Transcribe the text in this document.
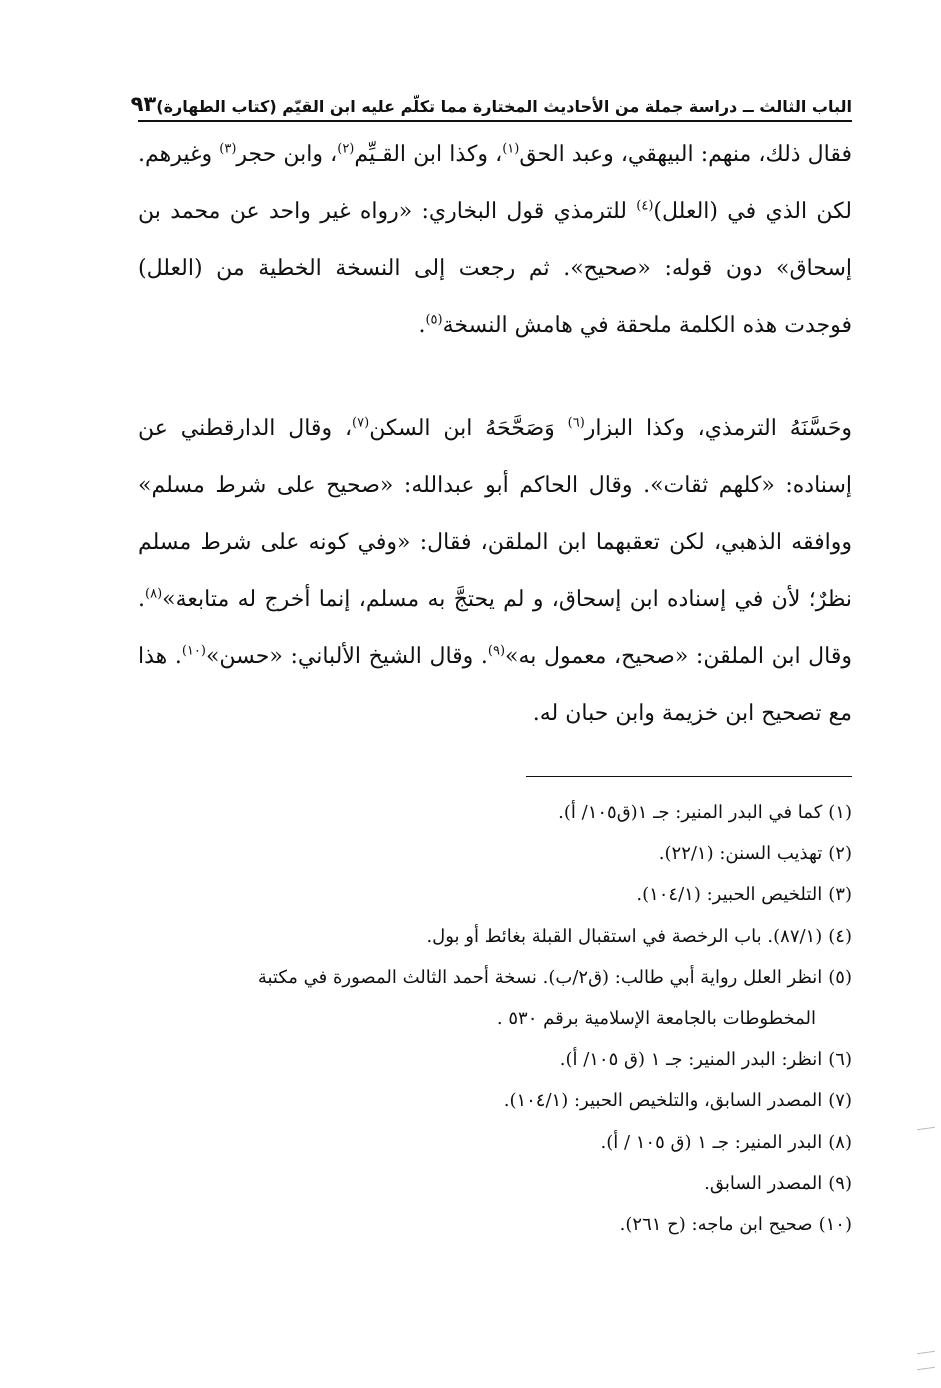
الباب الثالث ــ دراسة جملة من الأحاديث المختارة مما تكلّم عليه ابن القيّم (كتاب الطهارة)
٩٣

فقال ذلك، منهم: البيهقي، وعبد الحق$^{(١)}$، وكذا ابن القـيِّم$^{(٢)}$، وابن حجر$^{(٣)}$ وغيرهم. لكن الذي في (العلل)$^{(٤)}$ للترمذي قول البخاري: «رواه غير واحد عن محمد بن إسحاق» دون قوله: «صحيح». ثم رجعت إلى النسخة الخطية من (العلل) فوجدت هذه الكلمة ملحقة في هامش النسخة$^{(٥)}$.

وحَسَّنَهُ الترمذي، وكذا البزار$^{(٦)}$ وَصَحَّحَهُ ابن السكن$^{(٧)}$، وقال الدارقطني عن إسناده: «كلهم ثقات». وقال الحاكم أبو عبدالله: «صحيح على شرط مسلم» ووافقه الذهبي، لكن تعقبهما ابن الملقن، فقال: «وفي كونه على شرط مسلم نظرٌ؛ لأن في إسناده ابن إسحاق، و لم يحتجَّ به مسلم، إنما أخرج له متابعة»$^{(٨)}$. وقال ابن الملقن: «صحيح، معمول به»$^{(٩)}$. وقال الشيخ الألباني: «حسن»$^{(١٠)}$. هذا مع تصحيح ابن خزيمة وابن حبان له.

(١)كما في البدر المنير: جـ ١(ق١٠٥/ أ).
(٢)تهذيب السنن: (٢٢/١).
(٣)التلخيص الحبير: (١٠٤/١).
(٤)(٨٧/١). باب الرخصة في استقبال القبلة بغائط أو بول.
(٥)انظر العلل رواية أبي طالب: (ق٢/ب). نسخة أحمد الثالث المصورة في مكتبة
المخطوطات بالجامعة الإسلامية برقم ٥٣٠ .
(٦)انظر: البدر المنير: جـ ١ (ق ١٠٥/ أ).
(٧)المصدر السابق، والتلخيص الحبير: (١٠٤/١).
(٨)البدر المنير: جـ ١ (ق ١٠٥ / أ).
(٩)المصدر السابق.
(١٠)صحيح ابن ماجه: (ح ٢٦١).
